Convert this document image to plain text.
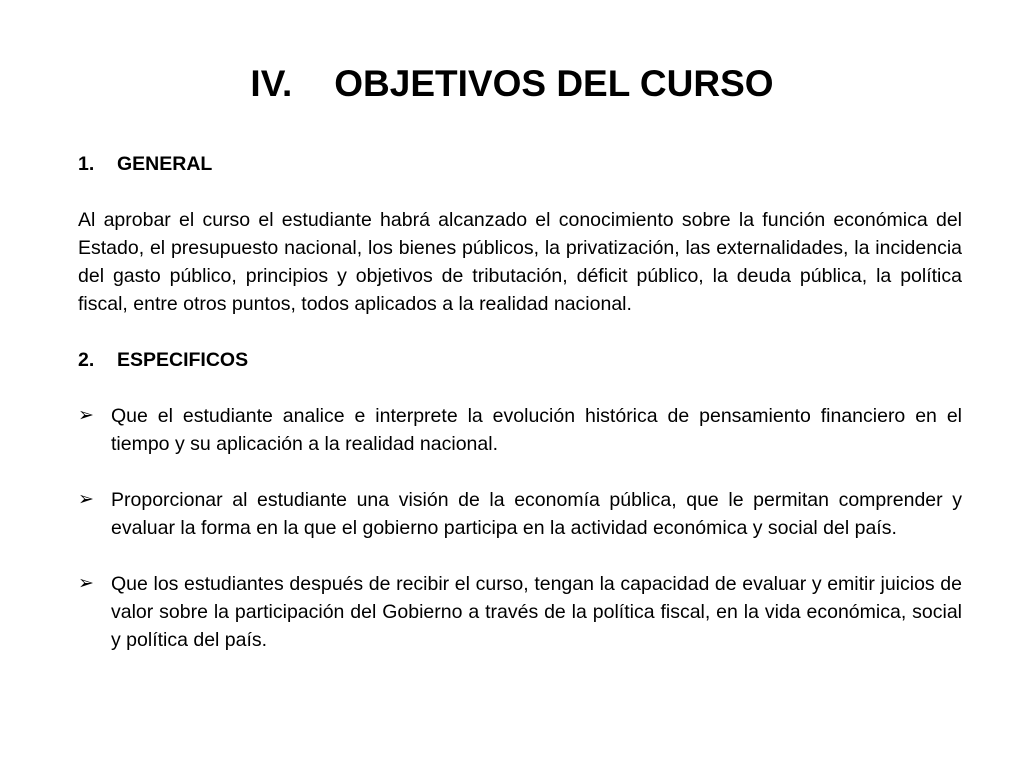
IV. OBJETIVOS DEL CURSO
1.	GENERAL

Al aprobar el curso el estudiante habrá alcanzado el conocimiento sobre la función económica del Estado, el presupuesto nacional, los bienes públicos, la privatización, las externalidades, la incidencia del gasto público, principios y objetivos de tributación, déficit público, la deuda pública, la política fiscal, entre otros puntos, todos aplicados a la realidad nacional.

2.	ESPECIFICOS
➢ Que el estudiante analice e interprete la evolución histórica de pensamiento financiero en el tiempo y su aplicación a la realidad nacional.
➢ Proporcionar al estudiante una visión de la economía pública, que le permitan comprender y evaluar la forma en la que el gobierno participa en la actividad económica y social del país.
➢ Que los estudiantes después de recibir el curso, tengan la capacidad de evaluar y emitir juicios de valor sobre la participación del Gobierno a través de la política fiscal, en la vida económica, social y política del país.
